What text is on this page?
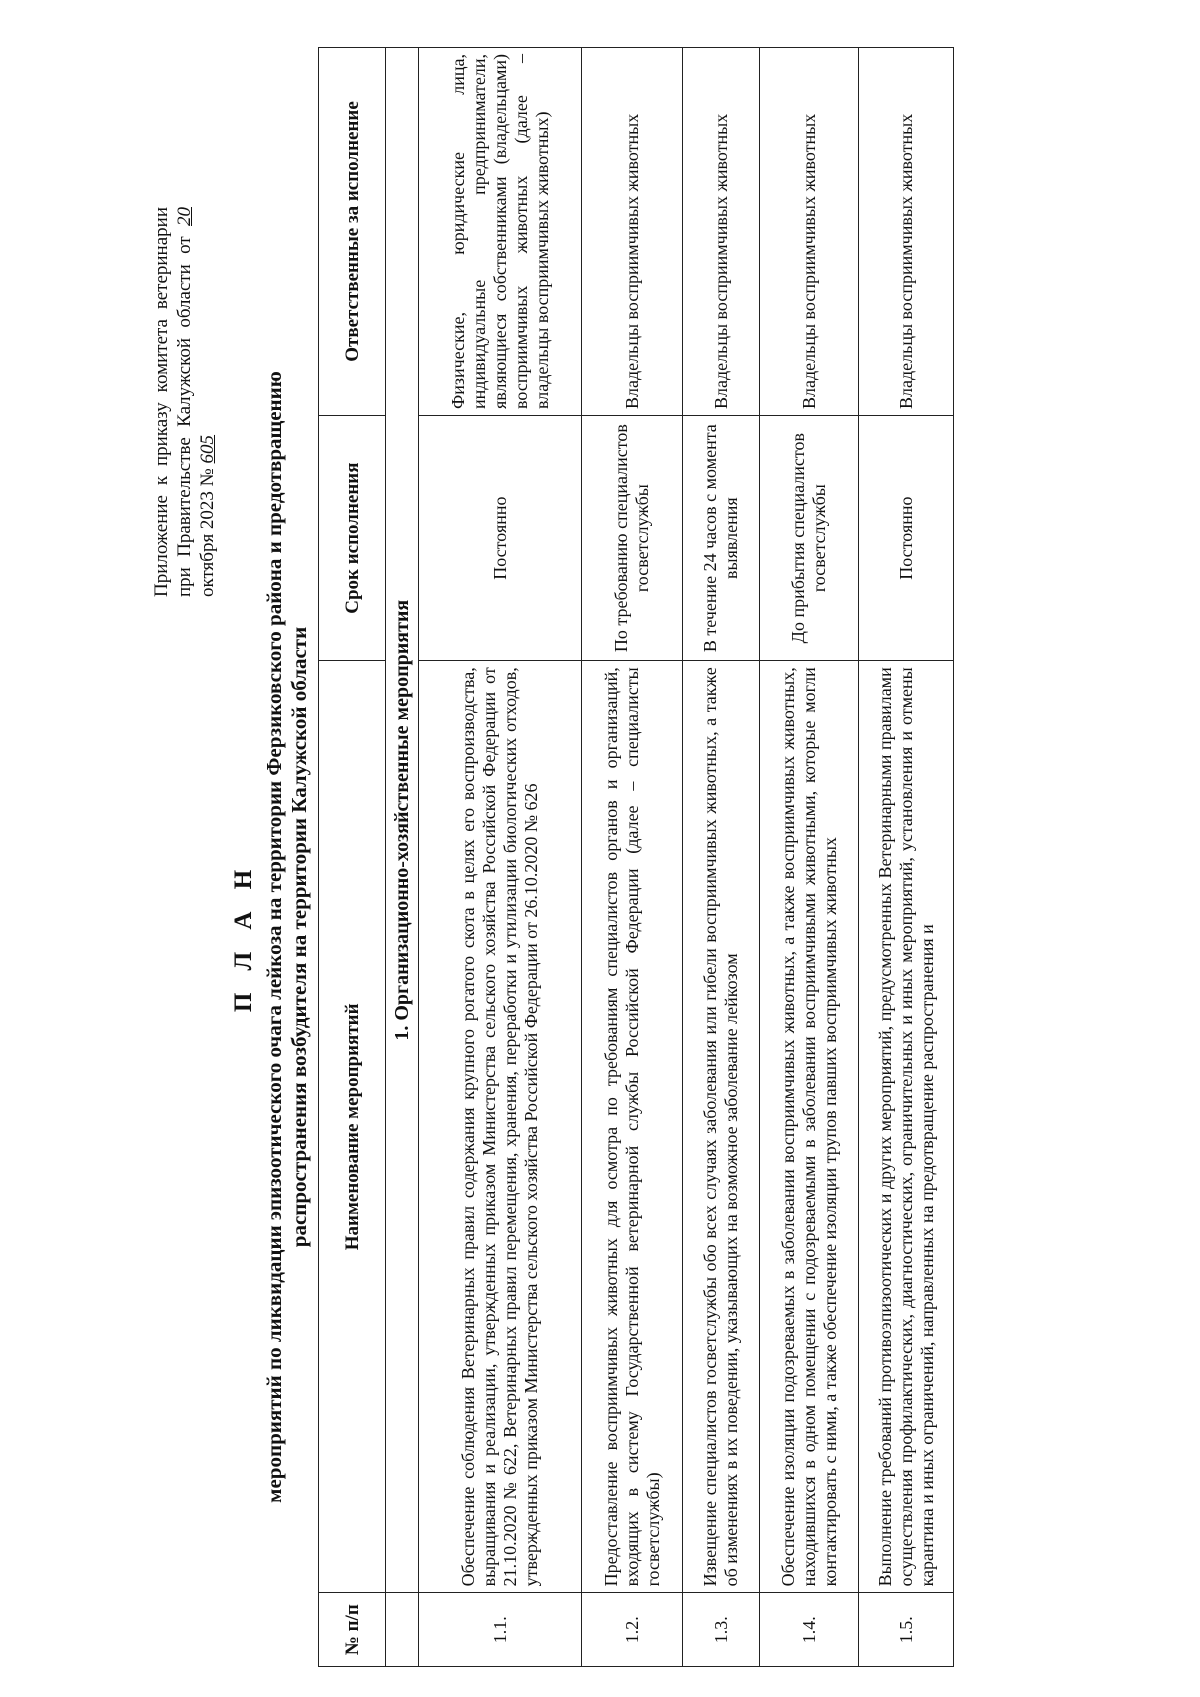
Приложение к приказу комитета ветеринарии при Правительстве Калужской области от 20 октября 2023 № 605
П Л А Н мероприятий по ликвидации эпизоотического очага лейкоза на территории Ферзиковского района и предотвращению распространения возбудителя на территории Калужской области
№ п/п	Наименование мероприятий	Срок исполнения	Ответственные за исполнение
	1. Организационно-хозяйственные мероприятия		
1.1.	Обеспечение соблюдения Ветеринарных правил содержания крупного рогатого скота в целях его воспроизводства, выращивания и реализации, утвержденных приказом Министерства сельского хозяйства Российской Федерации от 21.10.2020 № 622, Ветеринарных правил перемещения, хранения, переработки и утилизации биологических отходов, утвержденных приказом Министерства сельского хозяйства Российской Федерации от 26.10.2020 № 626	Постоянно	Физические, юридические лица, индивидуальные предприниматели, являющиеся собственниками (владельцами) восприимчивых животных (далее – владельцы восприимчивых животных)
1.2.	Предоставление восприимчивых животных для осмотра по требованиям специалистов органов и организаций, входящих в систему Государственной ветеринарной службы Российской Федерации (далее – специалисты госветслужбы)	По требованию специалистов госветслужбы	Владельцы восприимчивых животных
1.3.	Извещение специалистов госветслужбы обо всех случаях заболевания или гибели восприимчивых животных, а также об изменениях в их поведении, указывающих на возможное заболевание лейкозом	В течение 24 часов с момента выявления	Владельцы восприимчивых животных
1.4.	Обеспечение изоляции подозреваемых в заболевании восприимчивых животных, а также восприимчивых животных, находившихся в одном помещении с подозреваемыми в заболевании восприимчивыми животными, которые могли контактировать с ними, а также обеспечение изоляции трупов павших восприимчивых животных	До прибытия специалистов госветслужбы	Владельцы восприимчивых животных
1.5.	Выполнение требований противоэпизоотических и других мероприятий, предусмотренных Ветеринарными правилами осуществления профилактических, диагностических, ограничительных и иных мероприятий, установления и отмены карантина и иных ограничений, направленных на предотвращение распространения и	Постоянно	Владельцы восприимчивых животных
